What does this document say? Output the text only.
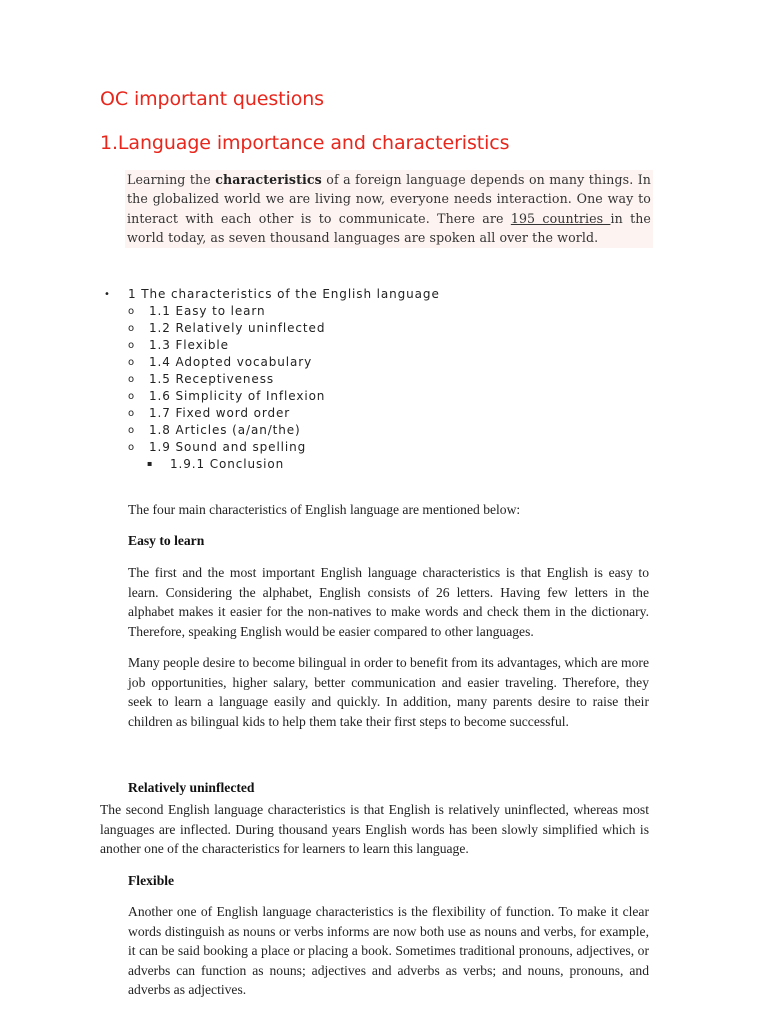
OC important questions
1.Language importance and characteristics

Learning the characteristics of a foreign language depends on many things. In the globalized world we are living now, everyone needs interaction. One way to interact with each other is to communicate. There are 195 countries in the world today, as seven thousand languages are spoken all over the world.

• 1 The characteristics of the English language
o 1.1 Easy to learn
o 1.2 Relatively uninflected
o 1.3 Flexible
o 1.4 Adopted vocabulary
o 1.5 Receptiveness
o 1.6 Simplicity of Inflexion
o 1.7 Fixed word order
o 1.8 Articles (a/an/the)
o 1.9 Sound and spelling
▪ 1.9.1 Conclusion

The four main characteristics of English language are mentioned below:

Easy to learn

The first and the most important English language characteristics is that English is easy to learn. Considering the alphabet, English consists of 26 letters. Having few letters in the alphabet makes it easier for the non-natives to make words and check them in the dictionary. Therefore, speaking English would be easier compared to other languages.

Many people desire to become bilingual in order to benefit from its advantages, which are more job opportunities, higher salary, better communication and easier traveling. Therefore, they seek to learn a language easily and quickly. In addition, many parents desire to raise their children as bilingual kids to help them take their first steps to become successful.

Relatively uninflected

The second English language characteristics is that English is relatively uninflected, whereas most languages are inflected. During thousand years English words has been slowly simplified which is another one of the characteristics for learners to learn this language.

Flexible

Another one of English language characteristics is the flexibility of function. To make it clear words distinguish as nouns or verbs informs are now both use as nouns and verbs, for example, it can be said booking a place or placing a book. Sometimes traditional pronouns, adjectives, or adverbs can function as nouns; adjectives and adverbs as verbs; and nouns, pronouns, and adverbs as adjectives.
